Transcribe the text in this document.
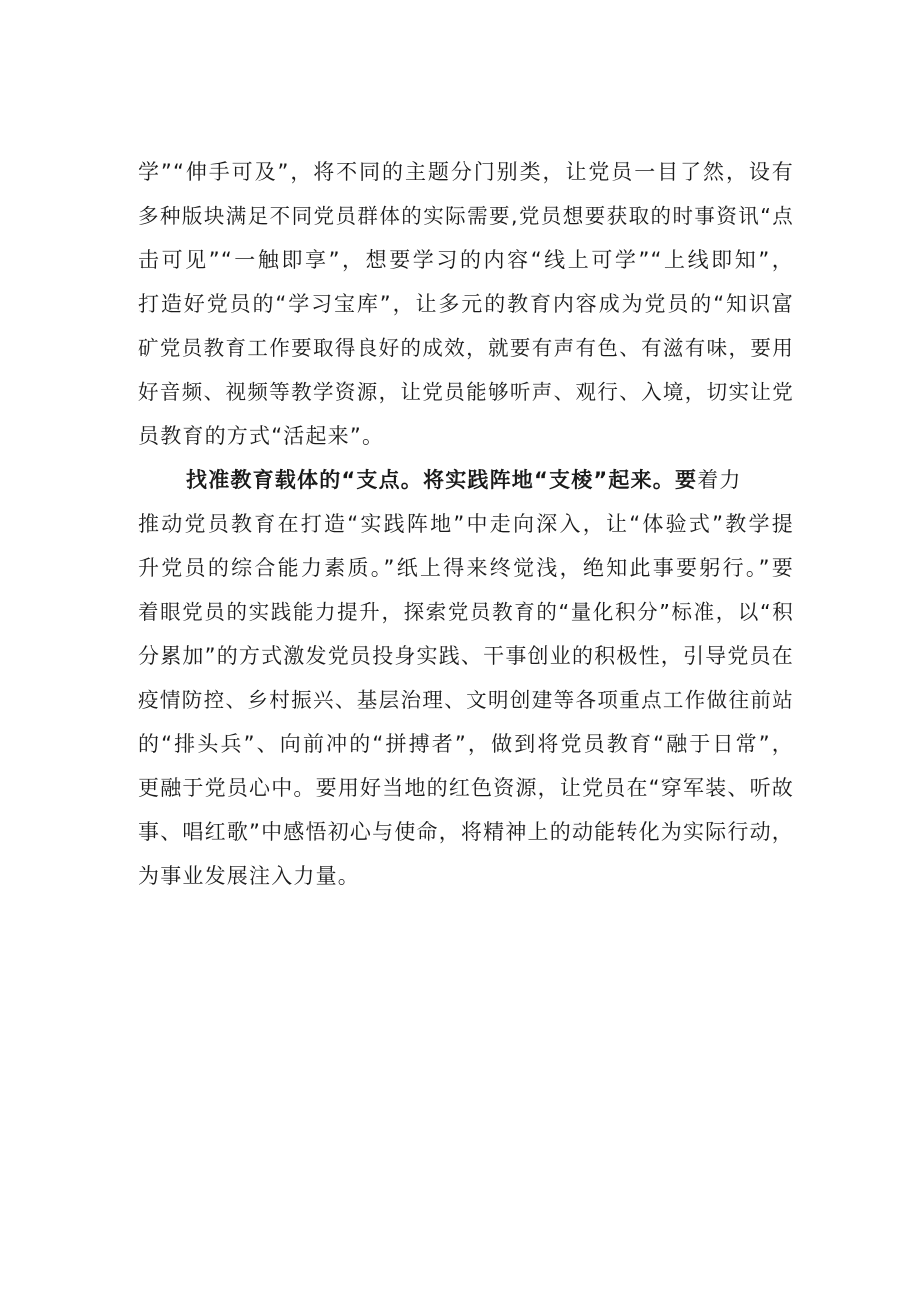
学”“伸手可及”，将不同的主题分门别类，让党员一目了然，设有
多种版块满足不同党员群体的实际需要,党员想要获取的时事资讯“点
击可见”“一触即享”，想要学习的内容“线上可学”“上线即知”，
打造好党员的“学习宝库”，让多元的教育内容成为党员的“知识富
矿党员教育工作要取得良好的成效，就要有声有色、有滋有味，要用
好音频、视频等教学资源，让党员能够听声、观行、入境，切实让党
员教育的方式“活起来”。
找准教育载体的“支点。将实践阵地“支棱”起来。要着力
推动党员教育在打造“实践阵地”中走向深入，让“体验式”教学提
升党员的综合能力素质。”纸上得来终觉浅，绝知此事要躬行。”要
着眼党员的实践能力提升，探索党员教育的“量化积分”标准，以“积
分累加”的方式激发党员投身实践、干事创业的积极性，引导党员在
疫情防控、乡村振兴、基层治理、文明创建等各项重点工作做往前站
的“排头兵”、向前冲的“拼搏者”，做到将党员教育“融于日常”，
更融于党员心中。要用好当地的红色资源，让党员在“穿军装、听故
事、唱红歌”中感悟初心与使命，将精神上的动能转化为实际行动，
为事业发展注入力量。
